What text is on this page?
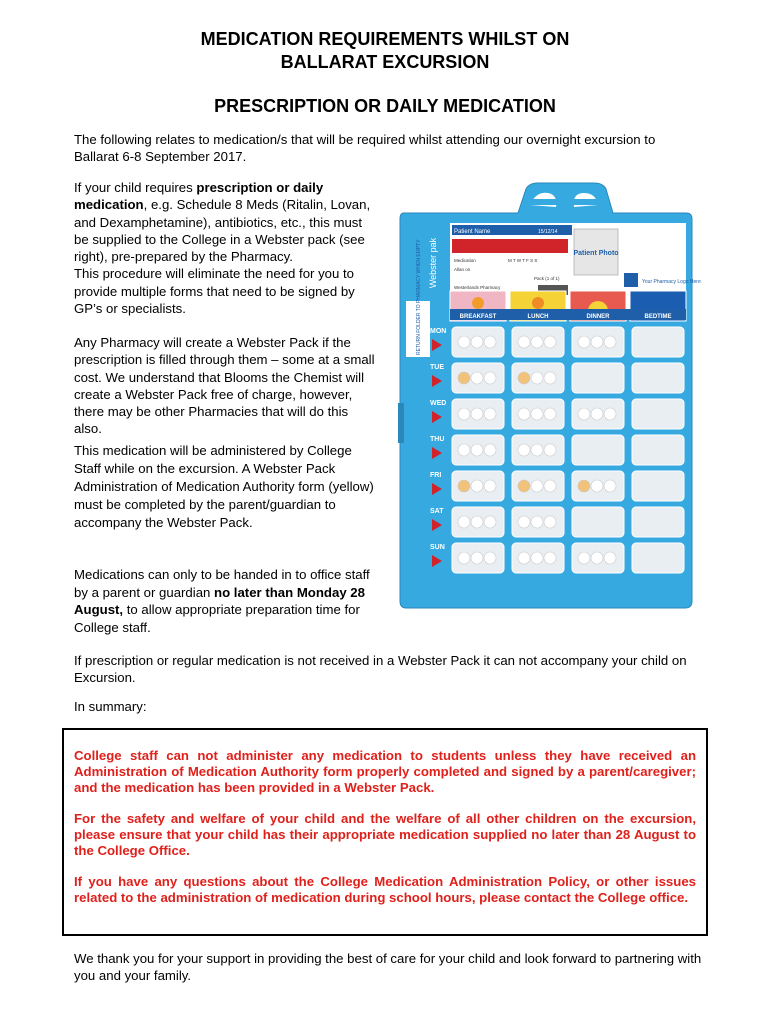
MEDICATION REQUIREMENTS WHILST ON
BALLARAT EXCURSION
PRESCRIPTION OR DAILY MEDICATION

The following relates to medication/s that will be required whilst attending our overnight excursion to Ballarat 6-8 September 2017.

If your child requires prescription or daily medication, e.g. Schedule 8 Meds (Ritalin, Lovan, and Dexamphetamine), antibiotics, etc., this must be supplied to the College in a Webster pack (see right), pre-prepared by the Pharmacy.
This procedure will eliminate the need for you to provide multiple forms that need to be signed by GP’s or specialists.

Any Pharmacy will create a Webster Pack if the prescription is filled through them – some at a small cost. We understand that Blooms the Chemist will create a Webster Pack free of charge, however, there may be other Pharmacies that will do this also.

This medication will be administered by College Staff while on the excursion. A Webster Pack Administration of Medication Authority form (yellow) must be completed by the parent/guardian to accompany the Webster Pack.

Medications can only to be handed in to office staff by a parent or guardian no later than Monday 28 August, to allow appropriate preparation time for College staff.

If prescription or regular medication is not received in a Webster Pack it can not accompany your child on Excursion.

In summary:

College staff can not administer any medication to students unless they have received an Administration of Medication Authority form properly completed and signed by a parent/caregiver; and the medication has been provided in a Webster Pack.

For the safety and welfare of your child and the welfare of all other children on the excursion, please ensure that your child has their appropriate medication supplied no later than 28 August to the College Office.

If you have any questions about the College Medication Administration Policy, or other issues related to the administration of medication during school hours, please contact the College office.

We thank you for your support in providing the best of care for your child and look forward to partnering with you and your family.

Webster pak
RETURN FOLDER TO PHARMACY WHEN EMPTY
Patient Name	15/12/14
Medication	M T W T F S S
Allan on
Pack (1 of 1)
Westerlands Pharmacy
Patient Photo
Your Pharmacy Logo Here
BREAKFAST	LUNCH	DINNER	BEDTIME
MON
TUE
WED
THU
FRI
SAT
SUN
